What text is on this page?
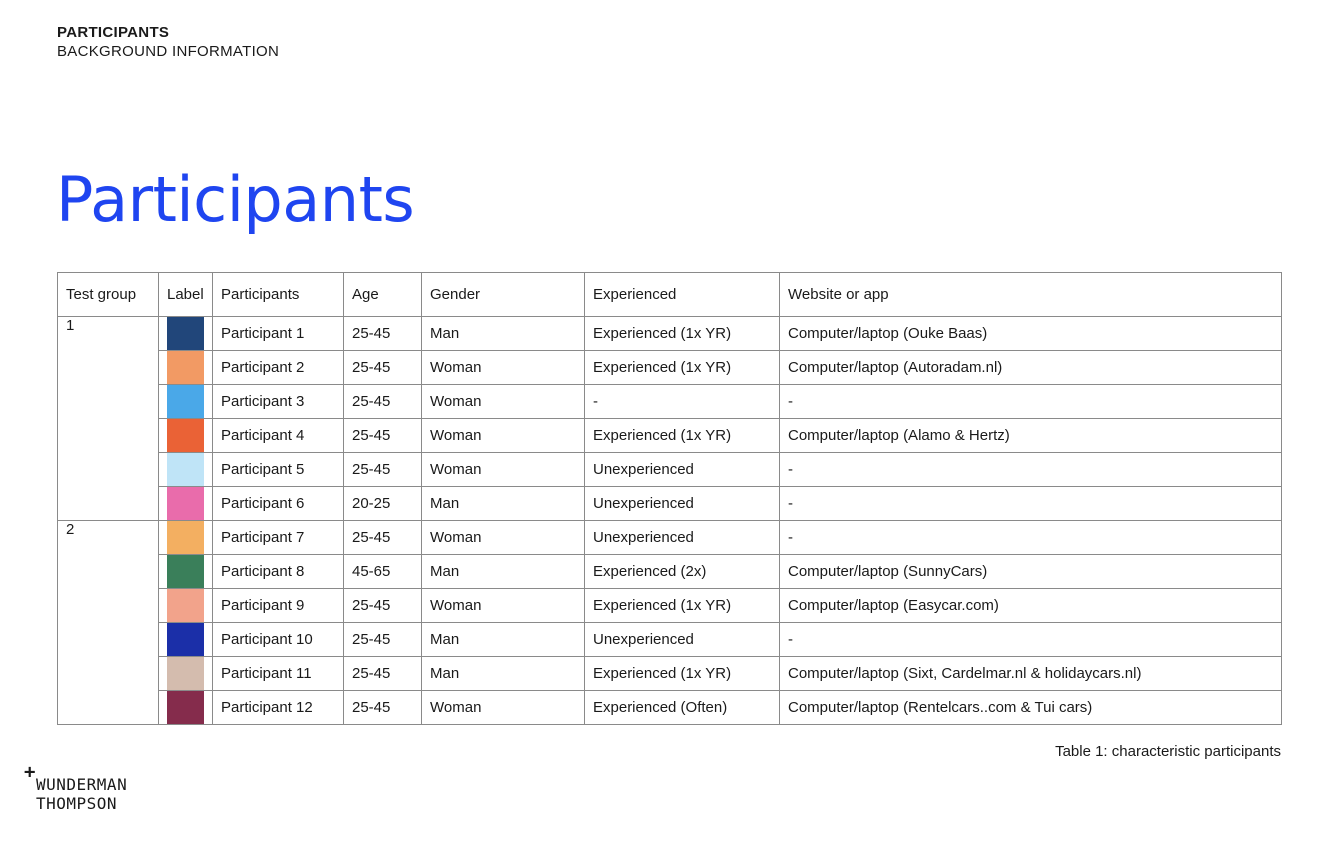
PARTICIPANTS
BACKGROUND INFORMATION
Participants
Test group	Label	Participants	Age	Gender	Experienced	Website or app
1		Participant 1	25-45	Man	Experienced (1x YR)	Computer/laptop (Ouke Baas)

		Participant 2	25-45	Woman	Experienced (1x YR)	Computer/laptop (Autoradam.nl)

		Participant 3	25-45	Woman	-	-

		Participant 4	25-45	Woman	Experienced (1x YR)	Computer/laptop (Alamo & Hertz)

		Participant 5	25-45	Woman	Unexperienced	-

		Participant 6	20-25	Man	Unexperienced	-
2		Participant 7	25-45	Woman	Unexperienced	-

		Participant 8	45-65	Man	Experienced (2x)	Computer/laptop (SunnyCars)

		Participant 9	25-45	Woman	Experienced (1x YR)	Computer/laptop (Easycar.com)

		Participant 10	25-45	Man	Unexperienced	-

		Participant 11	25-45	Man	Experienced (1x YR)	Computer/laptop (Sixt, Cardelmar.nl & holidaycars.nl)

		Participant 12	25-45	Woman	Experienced (Often)	Computer/laptop (Rentelcars..com & Tui cars)
Table 1: characteristic participants
+
WUNDERMAN
THOMPSON
